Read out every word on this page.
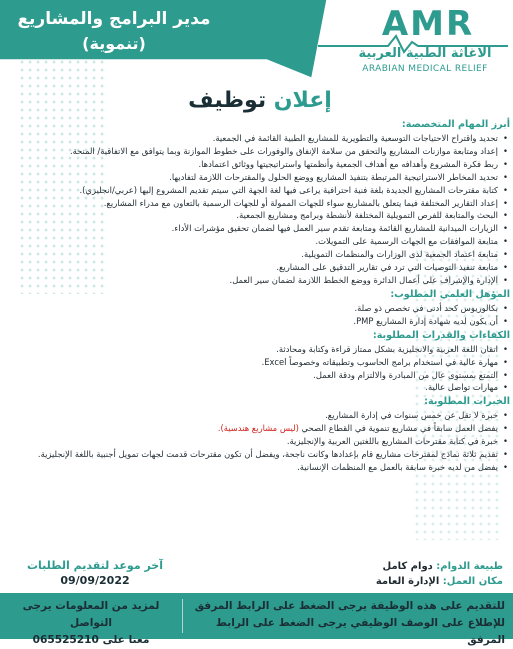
AMR
الاغاثة الطبية العربية
ARABIAN MEDICAL RELIEF
مدير البرامج والمشاريع
(تنموية)
إعلان توظيف
أبرز المهام المتخصصة:
• تحديد واقتراح الاحتياجات التوسعية والتطويرية للمشاريع الطبية القائمة في الجمعية.
• إعداد ومتابعة موازنات المشاريع والتحقق من سلامة الإنفاق والوفورات على خطوط الموازنة وبما يتوافق مع الاتفاقية/ المنحة.
• ربط فكرة المشروع وأهدافه مع أهداف الجمعية وأنظمتها واستراتيجيتها ووثائق اعتمادها.
• تحديد المخاطر الاستراتيجية المرتبطة بتنفيذ المشاريع ووضع الحلول والمقترحات اللازمة لتفاديها.
• كتابة مقترحات المشاريع الجديدة بلغة فنية احترافية يراعى فيها لغة الجهة التي سيتم تقديم المشروع إليها (عربي/انجليزي).
• إعداد التقارير المختلفة فيما يتعلق بالمشاريع سواء للجهات الممولة أو للجهات الرسمية بالتعاون مع مدراء المشاريع.
• البحث والمتابعة للفرص التمويلية المختلفة لأنشطة وبرامج ومشاريع الجمعية.
• الزيارات الميدانية للمشاريع القائمة ومتابعة تقدم سير العمل فيها لضمان تحقيق مؤشرات الأداء.
• متابعة الموافقات مع الجهات الرسمية على التمويلات.
• متابعة اعتماد الجمعية لدى الوزارات والمنظمات التمويلية.
• متابعة تنفيذ التوصيات التي ترد في تقارير التدقيق على المشاريع.
• الإدارة والإشراف على أعمال الدائرة ووضع الخطط اللازمة لضمان سير العمل.
المؤهل العلمي المطلوب:
• بكالوريوس كحد أدنى في تخصص ذو صلة.
• أن يكون لديه شهادة إدارة المشاريع PMP.
الكفاءات والقدرات المطلوبة:
• اتقان اللغة العربية والانجليزية بشكل ممتاز قراءة وكتابة ومحادثة.
• مهارة عالية في استخدام برامج الحاسوب وتطبيقاته وخصوصاً Excel.
• التمتع بمستوى عال من المبادرة والالتزام ودقة العمل.
• مهارات تواصل عالية.
الخبرات المطلوبة:
• خبرة لا تقل عن خمس سنوات في إدارة المشاريع.
• يفضل العمل سابقاً في مشاريع تنموية في القطاع الصحي (ليس مشاريع هندسية).
• خبرة في كتابة مقترحات المشاريع باللغتين العربية والإنجليزية.
• تقديم ثلاثة نماذج لمقترحات مشاريع قام بإعدادها وكانت ناجحة، ويفضل أن تكون مقترحات قدمت لجهات تمويل أجنبية باللغة الإنجليزية.
• يفضل من لديه خبرة سابقة بالعمل مع المنظمات الإنسانية.
طبيعة الدوام: دوام كامل
مكان العمل: الإدارة العامة
آخر موعد لتقديم الطلبات
09/09/2022
للتقديم على هذه الوظيفة يرجى الضغط على الرابط المرفق
للإطلاع على الوصف الوظيفي يرجى الضغط على الرابط المرفق
لمزيد من المعلومات يرجى التواصل
معنا على 065525210
